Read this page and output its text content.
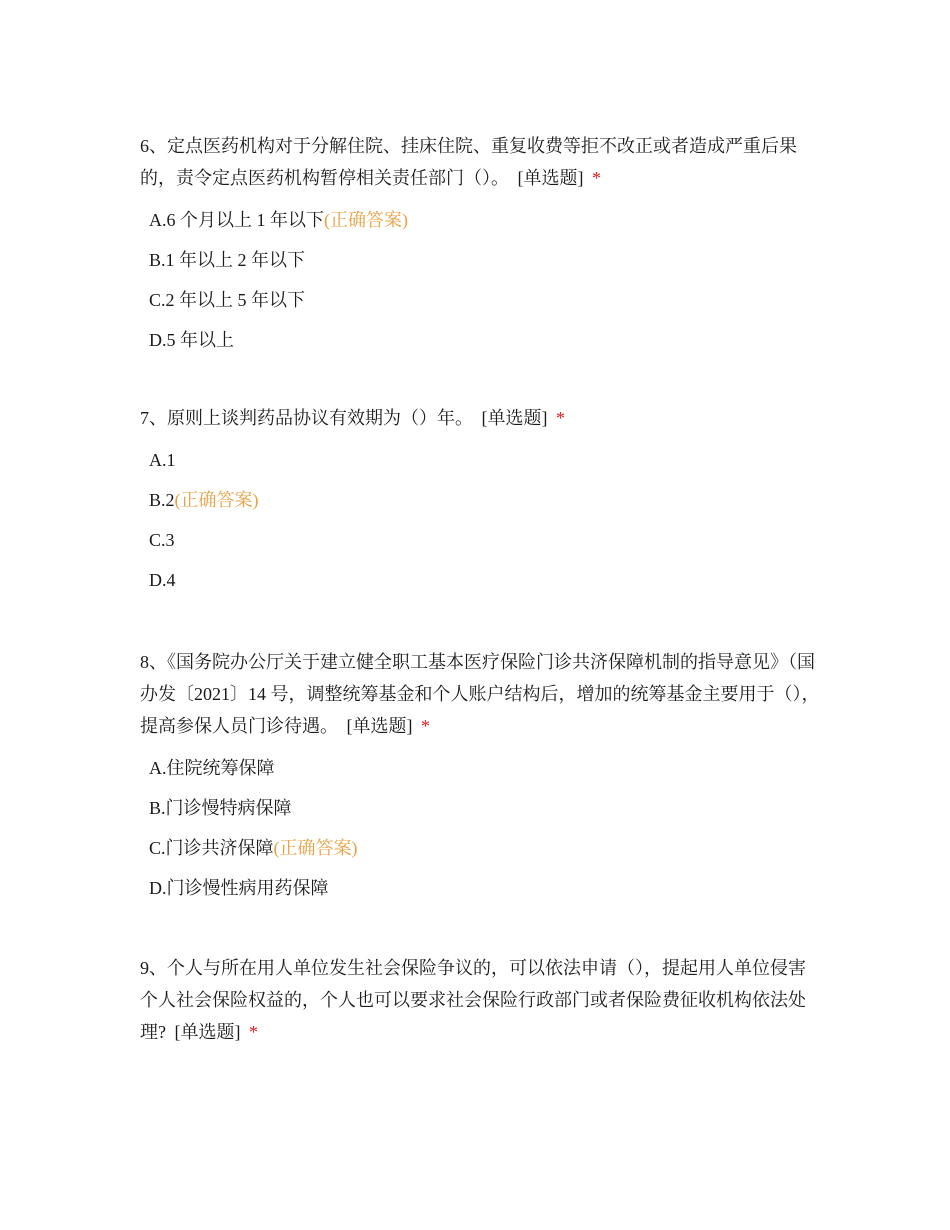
6、定点医药机构对于分解住院、挂床住院、重复收费等拒不改正或者造成严重后果的，责令定点医药机构暂停相关责任部门（）。 [单选题] *

A.6 个月以上 1 年以下(正确答案)
B.1 年以上 2 年以下
C.2 年以上 5 年以下
D.5 年以上

7、原则上谈判药品协议有效期为（）年。 [单选题] *

A.1
B.2(正确答案)
C.3
D.4

8、《国务院办公厅关于建立健全职工基本医疗保险门诊共济保障机制的指导意见》（国办发〔2021〕14 号，调整统筹基金和个人账户结构后，增加的统筹基金主要用于（），提高参保人员门诊待遇。 [单选题] *

A.住院统筹保障
B.门诊慢特病保障
C.门诊共济保障(正确答案)
D.门诊慢性病用药保障

9、个人与所在用人单位发生社会保险争议的，可以依法申请（），提起用人单位侵害个人社会保险权益的，个人也可以要求社会保险行政部门或者保险费征收机构依法处理? [单选题] *
